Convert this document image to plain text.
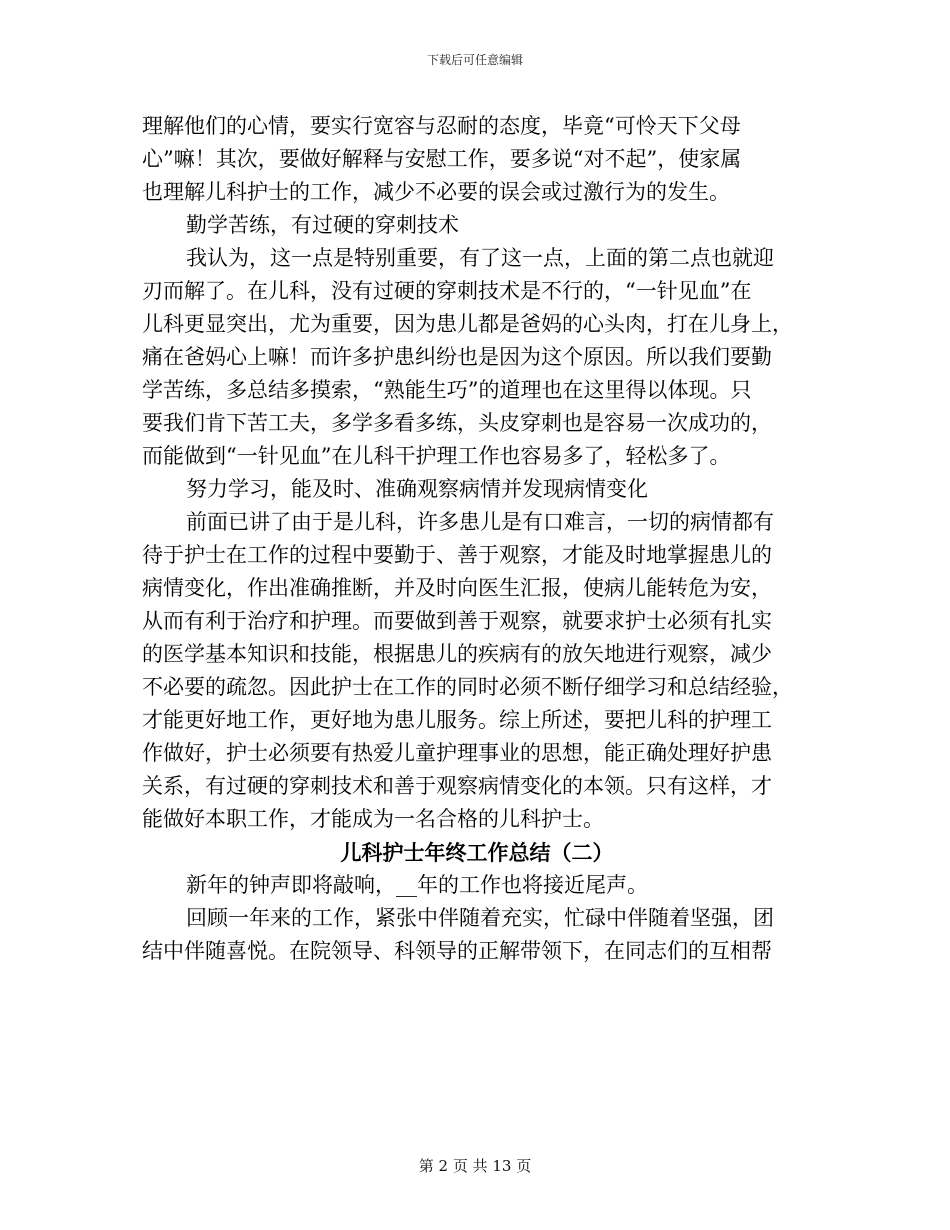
下载后可任意编辑
理解他们的心情，要实行宽容与忍耐的态度，毕竟“可怜天下父母
心”嘛！其次，要做好解释与安慰工作，要多说“对不起”，使家属
也理解儿科护士的工作，减少不必要的误会或过激行为的发生。
勤学苦练，有过硬的穿刺技术
我认为，这一点是特别重要，有了这一点，上面的第二点也就迎
刃而解了。在儿科，没有过硬的穿刺技术是不行的，“一针见血”在
儿科更显突出，尤为重要，因为患儿都是爸妈的心头肉，打在儿身上，
痛在爸妈心上嘛！而许多护患纠纷也是因为这个原因。所以我们要勤
学苦练，多总结多摸索，“熟能生巧”的道理也在这里得以体现。只
要我们肯下苦工夫，多学多看多练，头皮穿刺也是容易一次成功的，
而能做到“一针见血”在儿科干护理工作也容易多了，轻松多了。
努力学习，能及时、准确观察病情并发现病情变化
前面已讲了由于是儿科，许多患儿是有口难言，一切的病情都有
待于护士在工作的过程中要勤于、善于观察，才能及时地掌握患儿的
病情变化，作出准确推断，并及时向医生汇报，使病儿能转危为安，
从而有利于治疗和护理。而要做到善于观察，就要求护士必须有扎实
的医学基本知识和技能，根据患儿的疾病有的放矢地进行观察，减少
不必要的疏忽。因此护士在工作的同时必须不断仔细学习和总结经验，
才能更好地工作，更好地为患儿服务。综上所述，要把儿科的护理工
作做好，护士必须要有热爱儿童护理事业的思想，能正确处理好护患
关系，有过硬的穿刺技术和善于观察病情变化的本领。只有这样，才
能做好本职工作，才能成为一名合格的儿科护士。
儿科护士年终工作总结（二）
新年的钟声即将敲响，__年的工作也将接近尾声。
回顾一年来的工作，紧张中伴随着充实，忙碌中伴随着坚强，团
结中伴随喜悦。在院领导、科领导的正解带领下，在同志们的互相帮
第 2 页 共 13 页
